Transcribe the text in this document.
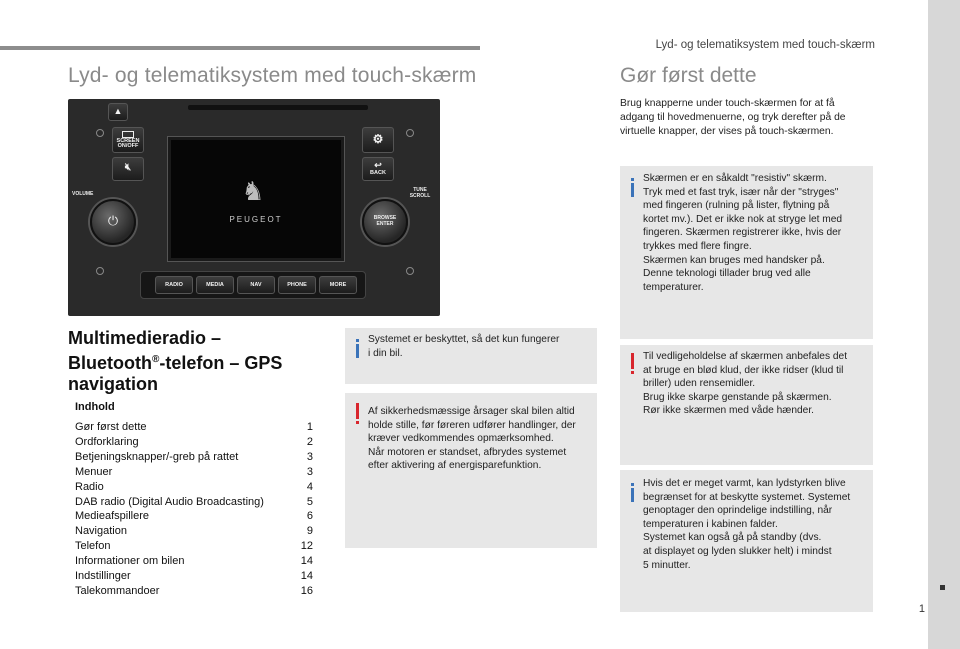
Lyd- og telematiksystem med touch-skærm
1
Lyd- og telematiksystem med touch-skærm	Gør først dette
▲
♞
PEUGEOT
SCREEN ON/OFF
🔇︎
⚙
↩
BACK
VOLUME
TUNE SCROLL
⏻	BROWSE ENTER
RADIO	MEDIA	NAV	PHONE	MORE
Multimedieradio –
Bluetooth®-telefon – GPS
navigation
Indhold
Gør først dette	1
Ordforklaring	2
Betjeningsknapper/-greb på rattet	3
Menuer	3
Radio	4
DAB radio (Digital Audio Broadcasting)	5
Medieafspillere	6
Navigation	9
Telefon	12
Informationer om bilen	14
Indstillinger	14
Talekommandoer	16
Systemet er beskyttet, så det kun fungerer
i din bil.
Af sikkerhedsmæssige årsager skal bilen altid
holde stille, før føreren udfører handlinger, der
kræver vedkommendes opmærksomhed.
Når motoren er standset, afbrydes systemet
efter aktivering af energisparefunktion.
Brug knapperne under touch-skærmen for at få
adgang til hovedmenuerne, og tryk derefter på de
virtuelle knapper, der vises på touch-skærmen.
Skærmen er en såkaldt "resistiv" skærm.
Tryk med et fast tryk, især når der "stryges"
med fingeren (rulning på lister, flytning på
kortet mv.). Det er ikke nok at stryge let med
fingeren. Skærmen registrerer ikke, hvis der
trykkes med flere fingre.
Skærmen kan bruges med handsker på.
Denne teknologi tillader brug ved alle
temperaturer.
Til vedligeholdelse af skærmen anbefales det
at bruge en blød klud, der ikke ridser (klud til
briller) uden rensemidler.
Brug ikke skarpe genstande på skærmen.
Rør ikke skærmen med våde hænder.
Hvis det er meget varmt, kan lydstyrken blive
begrænset for at beskytte systemet. Systemet
genoptager den oprindelige indstilling, når
temperaturen i kabinen falder.
Systemet kan også gå på standby (dvs.
at displayet og lyden slukker helt) i mindst
5 minutter.
